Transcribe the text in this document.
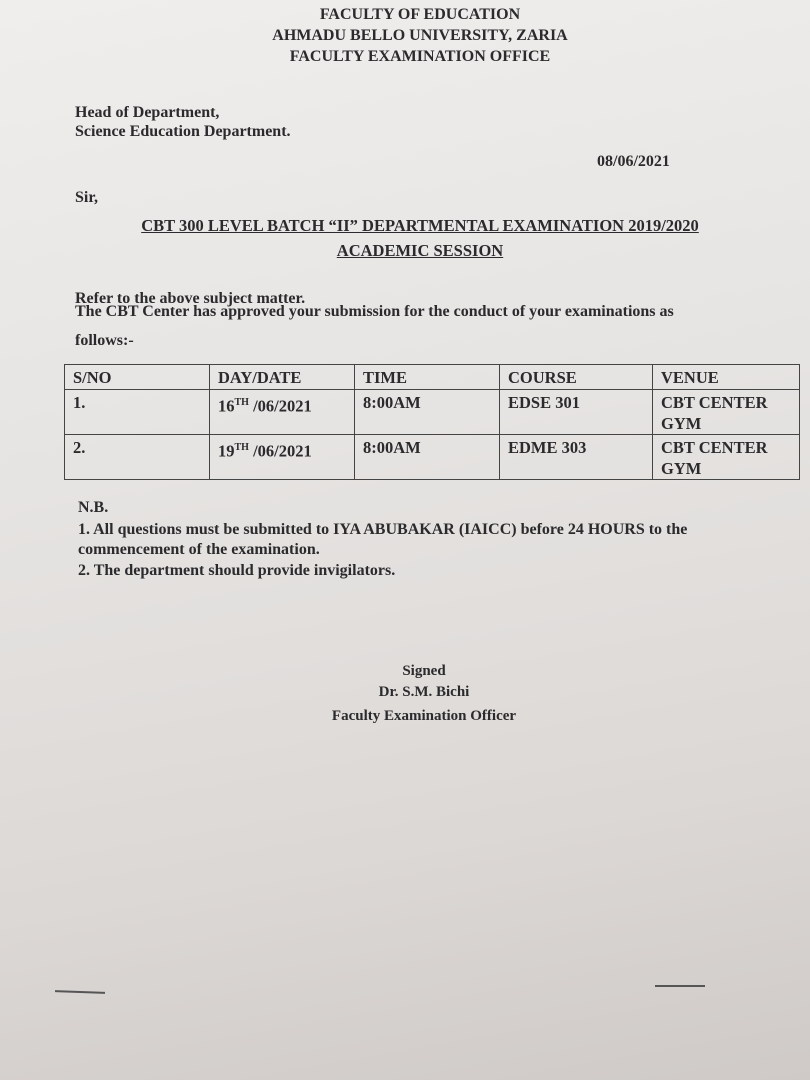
FACULTY OF EDUCATION
AHMADU BELLO UNIVERSITY, ZARIA
FACULTY EXAMINATION OFFICE
Head of Department,
Science Education Department.
08/06/2021
Sir,
CBT 300 LEVEL BATCH “II” DEPARTMENTAL EXAMINATION 2019/2020
ACADEMIC SESSION
Refer to the above subject matter.
The CBT Center has approved your submission for the conduct of your examinations as
follows:-
S/NO	DAY/DATE	TIME	COURSE	VENUE
1.	16TH /06/2021	8:00AM	EDSE 301	CBT CENTER
GYM

2.	19TH /06/2021	8:00AM	EDME 303	CBT CENTER
GYM
N.B.
1. All questions must be submitted to IYA ABUBAKAR (IAICC) before 24 HOURS to the
commencement of the examination.
2. The department should provide invigilators.
Signed
Dr. S.M. Bichi
Faculty Examination Officer
